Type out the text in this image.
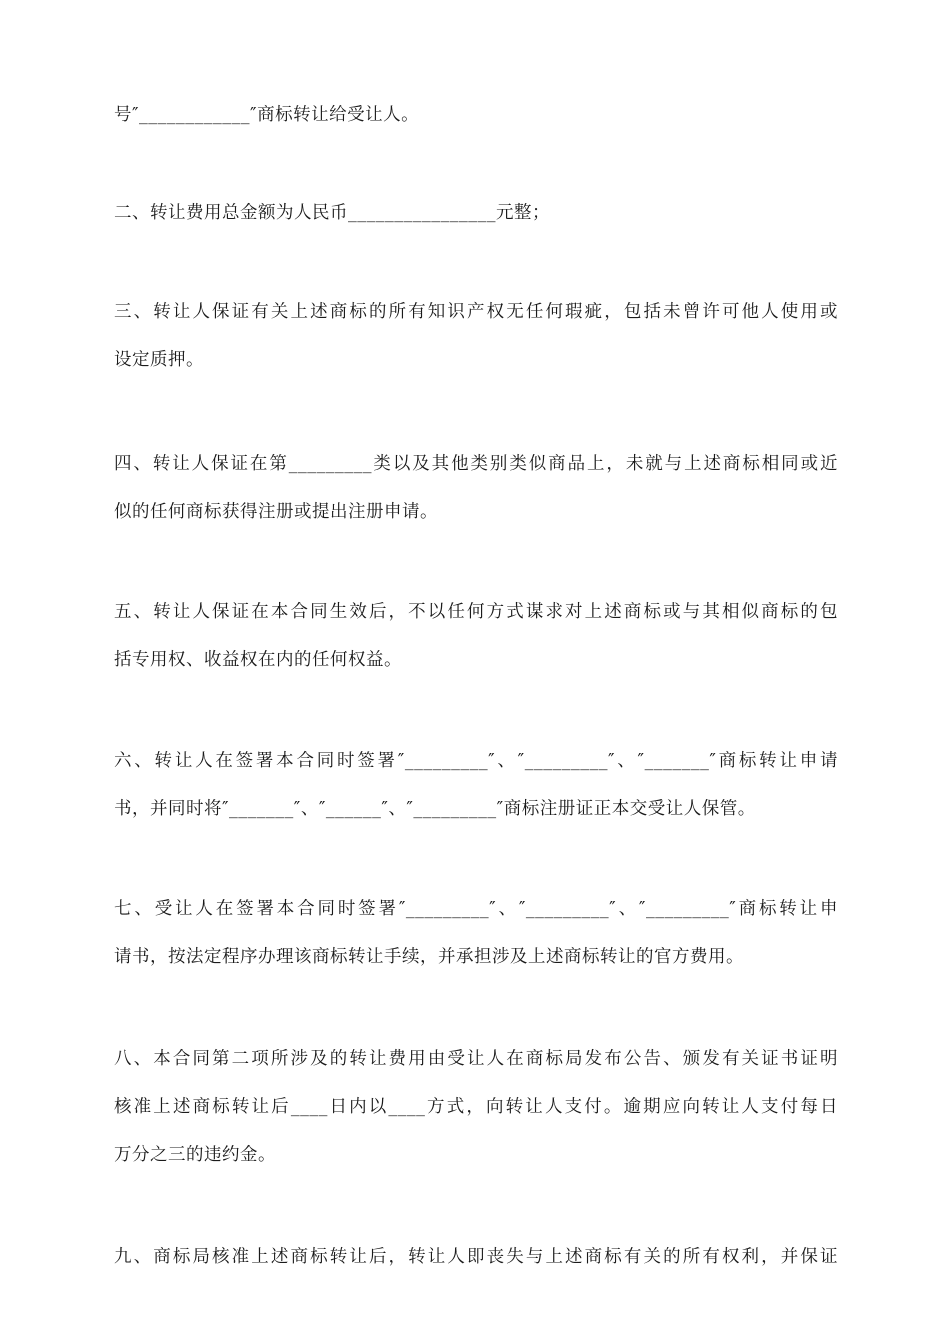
号″____________″商标转让给受让人。
二、转让费用总金额为人民币________________元整；
三、转让人保证有关上述商标的所有知识产权无任何瑕疵，包括未曾许可他人使用或
设定质押。
四、转让人保证在第_________类以及其他类别类似商品上，未就与上述商标相同或近
似的任何商标获得注册或提出注册申请。
五、转让人保证在本合同生效后，不以任何方式谋求对上述商标或与其相似商标的包
括专用权、收益权在内的任何权益。
六、转让人在签署本合同时签署″_________″、″_________″、″_______″商标转让申请
书，并同时将″_______″、″______″、″_________″商标注册证正本交受让人保管。
七、受让人在签署本合同时签署″_________″、″_________″、″_________″商标转让申
请书，按法定程序办理该商标转让手续，并承担涉及上述商标转让的官方费用。
八、本合同第二项所涉及的转让费用由受让人在商标局发布公告、颁发有关证书证明
核准上述商标转让后____日内以____方式，向转让人支付。逾期应向转让人支付每日
万分之三的违约金。
九、商标局核准上述商标转让后，转让人即丧失与上述商标有关的所有权利，并保证
